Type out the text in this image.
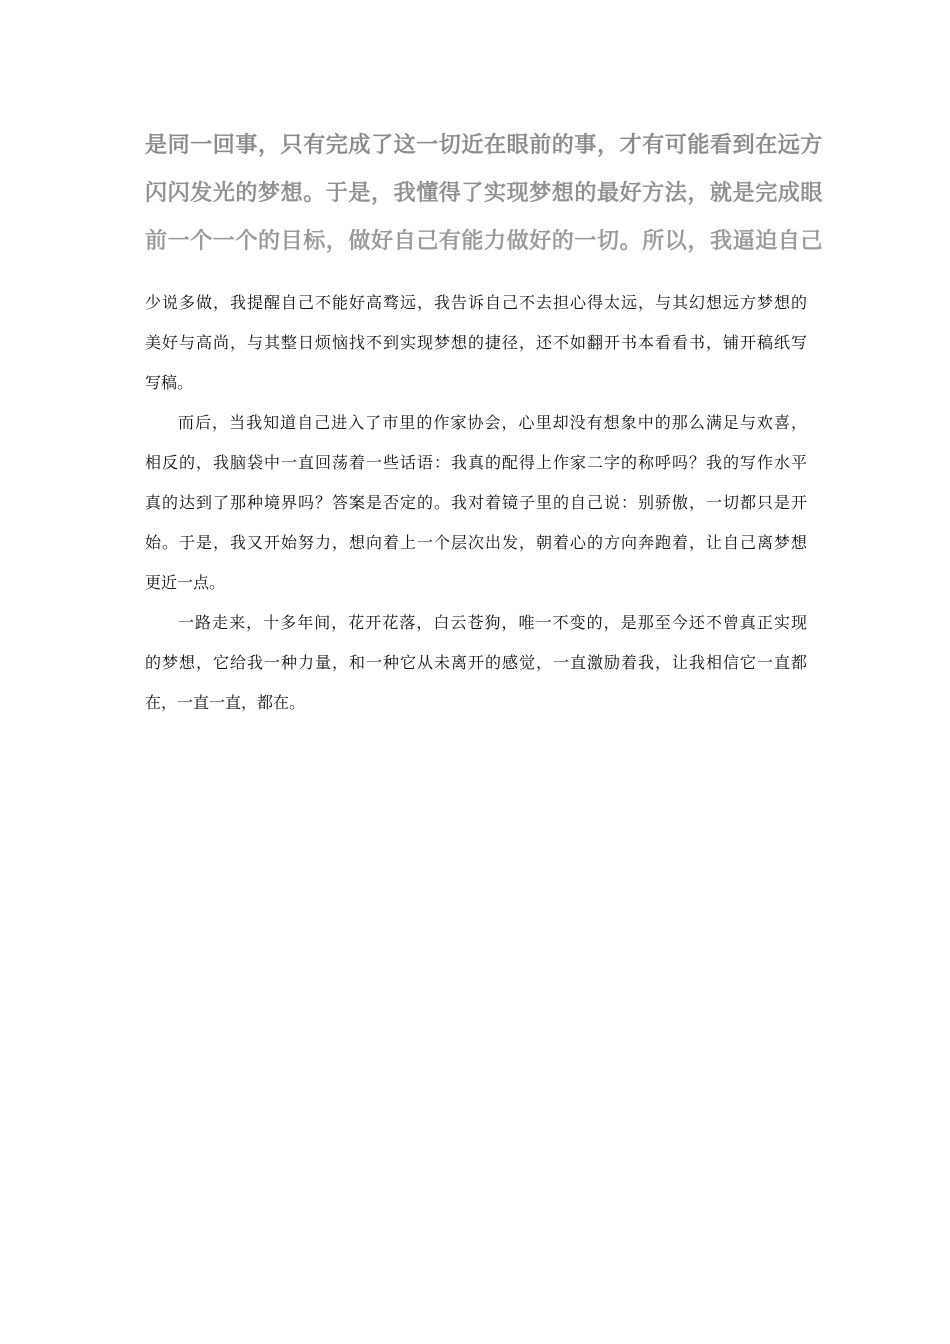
是同一回事，只有完成了这一切近在眼前的事，才有可能看到在远方
闪闪发光的梦想。于是，我懂得了实现梦想的最好方法，就是完成眼
前一个一个的目标，做好自己有能力做好的一切。所以，我逼迫自己
少说多做，我提醒自己不能好高骛远，我告诉自己不去担心得太远，与其幻想远方梦想的
美好与高尚，与其整日烦恼找不到实现梦想的捷径，还不如翻开书本看看书，铺开稿纸写
写稿。
而后，当我知道自己进入了市里的作家协会，心里却没有想象中的那么满足与欢喜，
相反的，我脑袋中一直回荡着一些话语：我真的配得上作家二字的称呼吗？我的写作水平
真的达到了那种境界吗？答案是否定的。我对着镜子里的自己说：别骄傲，一切都只是开
始。于是，我又开始努力，想向着上一个层次出发，朝着心的方向奔跑着，让自己离梦想
更近一点。
一路走来，十多年间，花开花落，白云苍狗，唯一不变的，是那至今还不曾真正实现
的梦想，它给我一种力量，和一种它从未离开的感觉，一直激励着我，让我相信它一直都
在，一直一直，都在。
